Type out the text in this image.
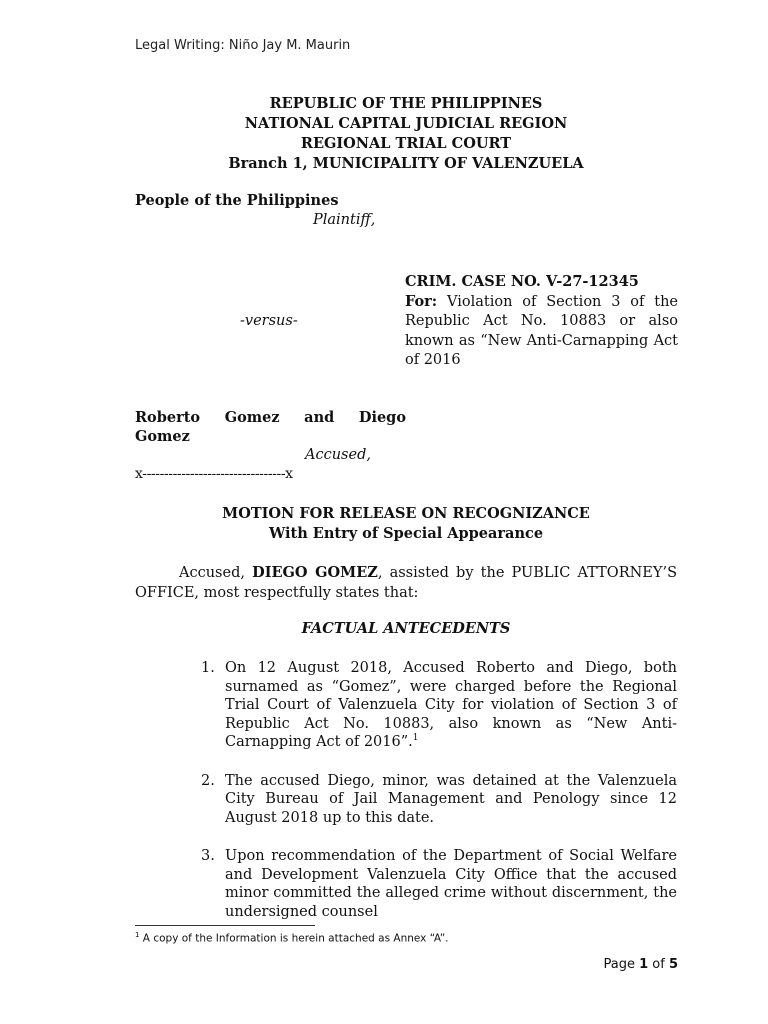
Legal Writing: Niño Jay M. Maurin
REPUBLIC OF THE PHILIPPINES
NATIONAL CAPITAL JUDICIAL REGION
REGIONAL TRIAL COURT
Branch 1, MUNICIPALITY OF VALENZUELA
People of the Philippines
Plaintiff,
-versus-
CRIM. CASE NO. V-27-12345
For: Violation of Section 3 of the Republic Act No. 10883 or also known as “New Anti-Carnapping Act of 2016
Roberto Gomez and Diego Gomez
Accused,
x---------------------------------x
MOTION FOR RELEASE ON RECOGNIZANCE
With Entry of Special Appearance
Accused, DIEGO GOMEZ, assisted by the PUBLIC ATTORNEY’S OFFICE, most respectfully states that:
FACTUAL ANTECEDENTS
1. On 12 August 2018, Accused Roberto and Diego, both surnamed as “Gomez”, were charged before the Regional Trial Court of Valenzuela City for violation of Section 3 of Republic Act No. 10883, also known as “New Anti-Carnapping Act of 2016”.$^1$
2. The accused Diego, minor, was detained at the Valenzuela City Bureau of Jail Management and Penology since 12 August 2018 up to this date.
3. Upon recommendation of the Department of Social Welfare and Development Valenzuela City Office that the accused minor committed the alleged crime without discernment, the undersigned counsel
$^1$ A copy of the Information is herein attached as Annex “A”.
Page 1 of 5
